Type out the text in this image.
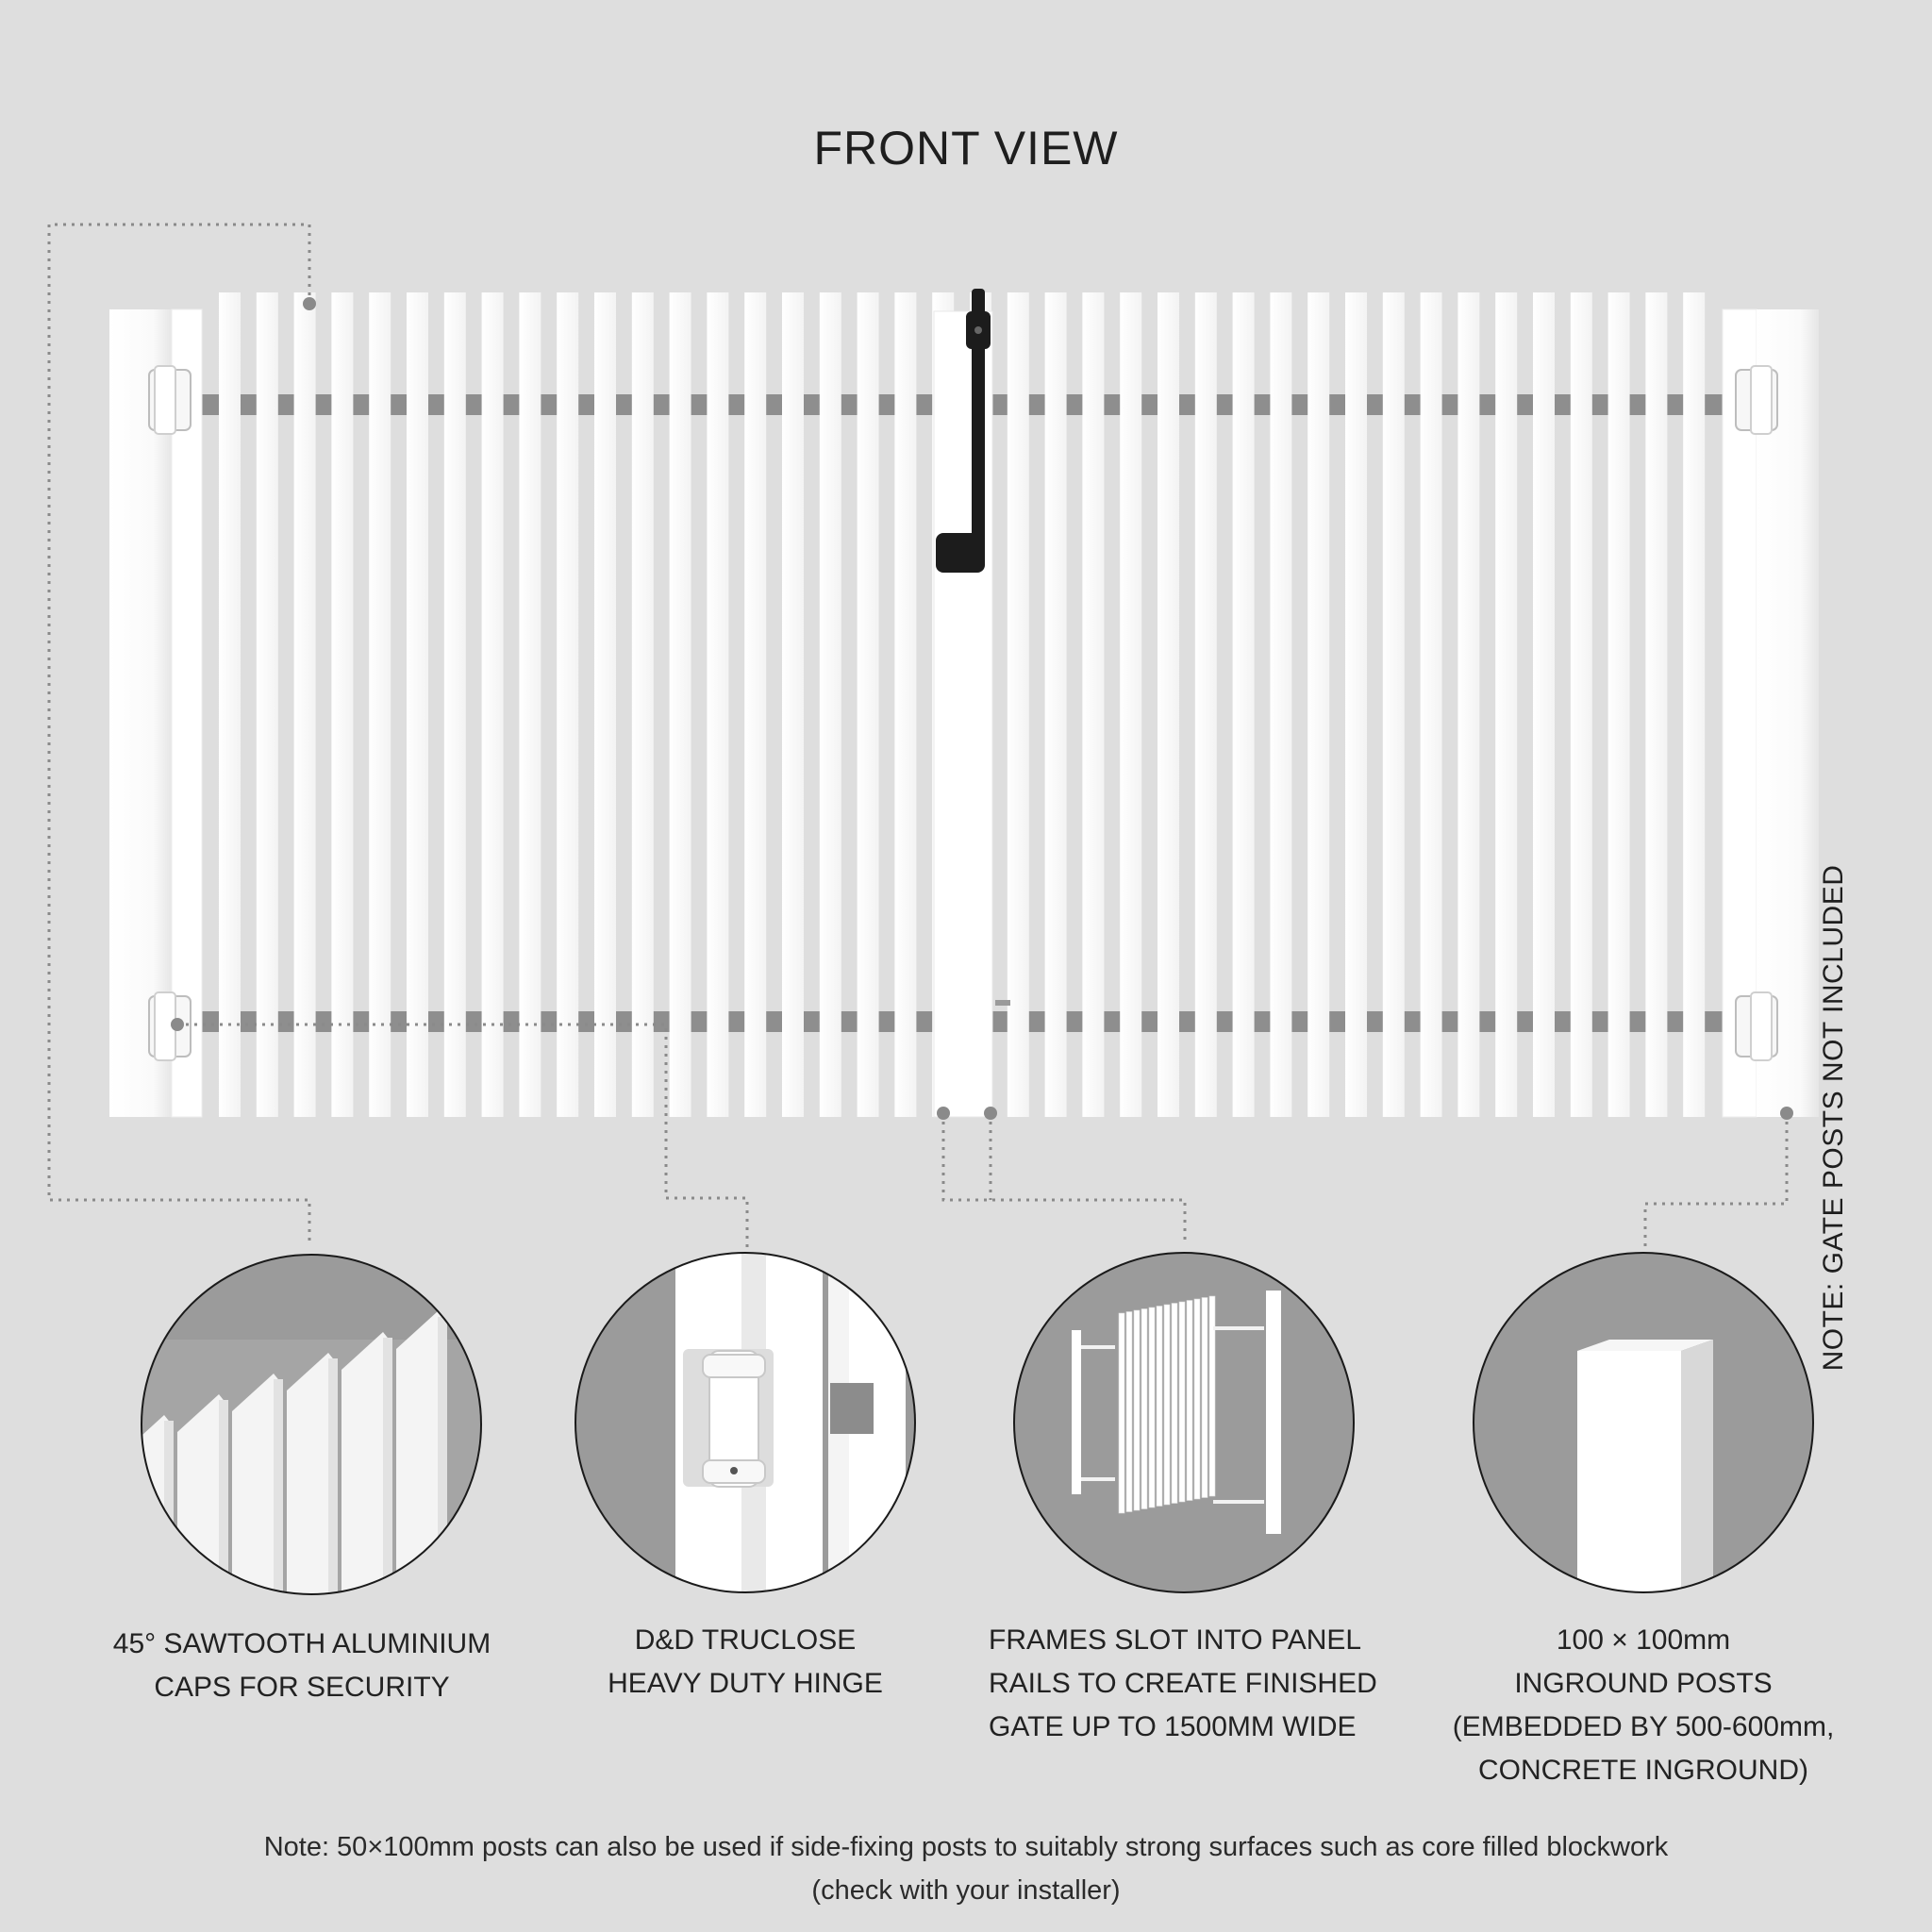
FRONT VIEW
NOTE: GATE POSTS NOT INCLUDED
45° SAWTOOTH ALUMINIUM
CAPS FOR SECURITY
D&D TRUCLOSE
HEAVY DUTY HINGE
FRAMES SLOT INTO PANEL
RAILS TO CREATE FINISHED
GATE UP TO 1500MM WIDE
100 × 100mm
INGROUND POSTS
(EMBEDDED BY 500-600mm,
CONCRETE INGROUND)
Note: 50×100mm posts can also be used if side-fixing posts to suitably strong surfaces such as core filled blockwork
(check with your installer)
